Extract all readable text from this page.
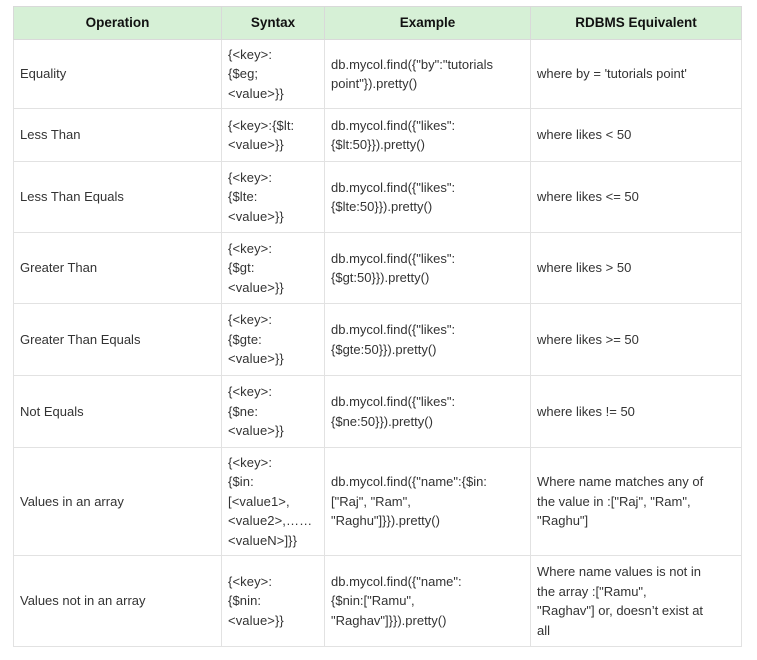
Operation	Syntax	Example	RDBMS Equivalent

Equality	{<key>:
{$eg;
<value>}}	db.mycol.find({"by":"tutorials
point"}).pretty()	where by = 'tutorials point'

Less Than	{<key>:{$lt:
<value>}}	db.mycol.find({"likes":
{$lt:50}}).pretty()	where likes < 50

Less Than Equals	{<key>:
{$lte:
<value>}}	db.mycol.find({"likes":
{$lte:50}}).pretty()	where likes <= 50

Greater Than	{<key>:
{$gt:
<value>}}	db.mycol.find({"likes":
{$gt:50}}).pretty()	where likes > 50

Greater Than Equals	{<key>:
{$gte:
<value>}}	db.mycol.find({"likes":
{$gte:50}}).pretty()	where likes >= 50

Not Equals	{<key>:
{$ne:
<value>}}	db.mycol.find({"likes":
{$ne:50}}).pretty()	where likes != 50

Values in an array	{<key>:
{$in:
[<value1>,
<value2>,……
<valueN>]}}	db.mycol.find({"name":{$in:
["Raj", "Ram",
"Raghu"]}}).pretty()	Where name matches any of
the value in :["Raj", "Ram",
"Raghu"]

Values not in an array	{<key>:
{$nin:
<value>}}	db.mycol.find({"name":
{$nin:["Ramu",
"Raghav"]}}).pretty()	Where name values is not in
the array :["Ramu",
"Raghav"] or, doesn’t exist at
all
